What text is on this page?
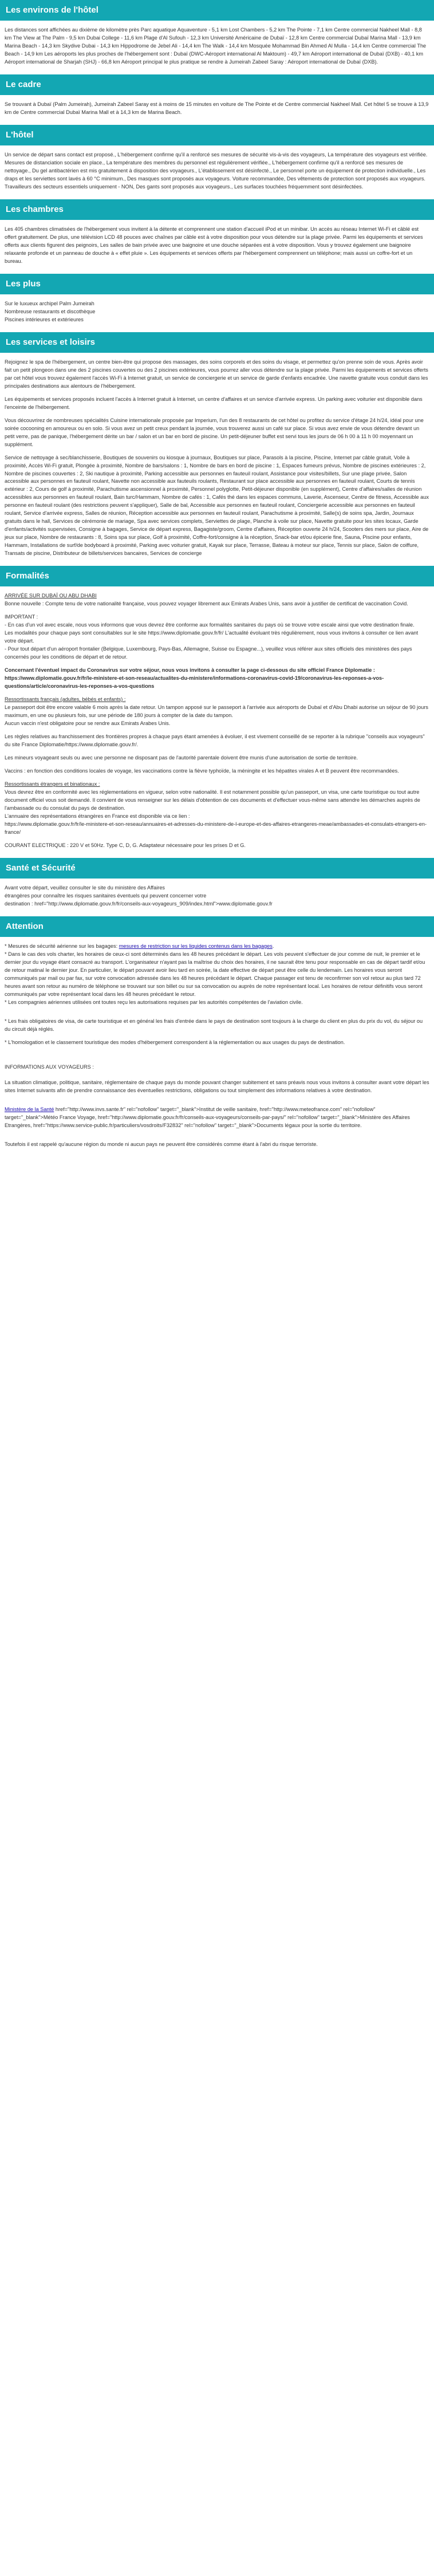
Les environs de l'hôtel

Les distances sont affichées au dixième de kilomètre près Parc aquatique Aquaventure - 5,1 km Lost Chambers - 5,2 km The Pointe - 7,1 km Centre commercial Nakheel Mall - 8,8 km The View at The Palm - 9,5 km Dubai College - 11,6 km Plage d'Al Sufouh - 12,3 km Université Américaine de Dubaï - 12,8 km Centre commercial Dubaï Marina Mall - 13,9 km Marina Beach - 14,3 km Skydive Dubai - 14,3 km Hippodrome de Jebel Ali - 14,4 km The Walk - 14,4 km Mosquée Mohammad Bin Ahmed Al Mulla - 14,4 km Centre commercial The Beach - 14,9 km Les aéroports les plus proches de l'hébergement sont : Dubaï (DWC-Aéroport international Al Maktoum) - 49,7 km Aéroport international de Dubaï (DXB) - 40,1 km Aéroport international de Sharjah (SHJ) - 66,8 km Aéroport principal le plus pratique se rendre à Jumeirah Zabeel Saray : Aéroport international de Dubaï (DXB).

Le cadre

Se trouvant à Dubaï (Palm Jumeirah), Jumeirah Zabeel Saray est à moins de 15 minutes en voiture de The Pointe et de Centre commercial Nakheel Mall. Cet hôtel 5 se trouve à 13,9 km de Centre commercial Dubaï Marina Mall et à 14,3 km de Marina Beach.

L'hôtel

Un service de départ sans contact est proposé., L'hébergement confirme qu'il a renforcé ses mesures de sécurité vis-à-vis des voyageurs, La température des voyageurs est vérifiée. Mesures de distanciation sociale en place., La température des membres du personnel est régulièrement vérifiée., L'hébergement confirme qu'il a renforcé ses mesures de nettoyage., Du gel antibactérien est mis gratuitement à disposition des voyageurs., L'établissement est désinfecté., Le personnel porte un équipement de protection individuelle., Les draps et les serviettes sont lavés à 60 °C minimum., Des masques sont proposés aux voyageurs. Voiture recommandée, Des vêtements de protection sont proposés aux voyageurs. Travailleurs des secteurs essentiels uniquement - NON, Des gants sont proposés aux voyageurs., Les surfaces touchées fréquemment sont désinfectées.

Les chambres

Les 405 chambres climatisées de l'hébergement vous invitent à la détente et comprennent une station d'accueil iPod et un minibar. Un accès au réseau Internet Wi-Fi et câblé est offert gratuitement. De plus, une télévision LCD 48 pouces avec chaînes par câble est à votre disposition pour vous détendre sur la plage privée. Parmi les équipements et services offerts aux clients figurent des peignoirs, Les salles de bain privée avec une baignoire et une douche séparées est à votre disposition. Vous y trouvez également une baignoire relaxante profonde et un panneau de douche à « effet pluie ». Les équipements et services offerts par l'hébergement comprennent un téléphone; mais aussi un coffre-fort et un bureau.

Les plus

Sur le luxueux archipel Palm Jumeirah
Nombreuse restaurants et discothèque
Piscines intérieures et extérieures

Les services et loisirs

Rejoignez le spa de l'hébergement, un centre bien-être qui propose des massages, des soins corporels et des soins du visage, et permettez qu'on prenne soin de vous. Après avoir fait un petit plongeon dans une des 2 piscines couvertes ou des 2 piscines extérieures, vous pourrez aller vous détendre sur la plage privée. Parmi les équipements et services offerts par cet hôtel vous trouvez également l'accès Wi-Fi à Internet gratuit, un service de conciergerie et un service de garde d'enfants encadrée. Une navette gratuite vous conduit dans les principales destinations aux alentours de l'hébergement.

Les équipements et services proposés incluent l'accès à Internet gratuit à Internet, un centre d'affaires et un service d'arrivée express. Un parking avec voiturier est disponible dans l'enceinte de l'hébergement.

Vous découvrirez de nombreuses spécialités Cuisine internationale proposée par Imperium, l'un des 8 restaurants de cet hôtel ou profitez du service d'étage 24 h/24, idéal pour une soirée cocooning en amoureux ou en solo. Si vous avez un petit creux pendant la journée, vous trouverez aussi un café sur place. Si vous avez envie de vous détendre devant un petit verre, pas de panique, l'hébergement dérite un bar / salon et un bar en bord de piscine. Un petit-déjeuner buffet est servi tous les jours de 06 h 00 à 11 h 00 moyennant un supplément.

Service de nettoyage à sec/blanchisserie, Boutiques de souvenirs ou kiosque à journaux, Boutiques sur place, Parasols à la piscine, Piscine, Internet par câble gratuit, Voile à proximité, Accès Wi-Fi gratuit, Plongée à proximité, Nombre de bars/salons : 1, Nombre de bars en bord de piscine : 1, Espaces fumeurs prévus, Nombre de piscines extérieures : 2, Nombre de piscines couvertes : 2, Ski nautique à proximité, Parking accessible aux personnes en fauteuil roulant, Assistance pour visites/billets, Sur une plage privée, Salon accessible aux personnes en fauteuil roulant, Navette non accessible aux fauteuils roulants, Restaurant sur place accessible aux personnes en fauteuil roulant, Courts de tennis extérieur : 2, Cours de golf à proximité, Parachutisme ascensionnel à proximité, Personnel polyglotte, Petit-déjeuner disponible (en supplément), Centre d'affaires/salles de réunion accessibles aux personnes en fauteuil roulant, Bain turc/Hammam, Nombre de cafés : 1, Cafés thé dans les espaces communs, Laverie, Ascenseur, Centre de fitness, Accessible aux personne en fauteuil roulant (des restrictions peuvent s'appliquer), Salle de bal, Accessible aux personnes en fauteuil roulant, Conciergerie accessible aux personnes en fauteuil roulant, Service d'arrivée express, Salles de réunion, Réception accessible aux personnes en fauteuil roulant, Parachutisme à proximité, Salle(s) de soins spa, Jardin, Journaux gratuits dans le hall, Services de cérémonie de mariage, Spa avec services complets, Serviettes de plage, Planche à voile sur place, Navette gratuite pour les sites locaux, Garde d'enfants/activités supervisées, Consigne à bagages, Service de départ express, Bagagiste/groom, Centre d'affaires, Réception ouverte 24 h/24, Scooters des mers sur place, Aire de jeux sur place, Nombre de restaurants : 8, Soins spa sur place, Golf à proximité, Coffre-fort/consigne à la réception, Snack-bar et/ou épicerie fine, Sauna, Piscine pour enfants, Hammam, Installations de surf/de bodyboard à proximité, Parking avec voiturier gratuit, Kayak sur place, Terrasse, Bateau à moteur sur place, Tennis sur place, Salon de coiffure, Transats de piscine, Distributeur de billets/services bancaires, Services de concierge

Formalités

ARRIVÉE SUR DUBAÏ OU ABU DHABI
Bonne nouvelle : Compte tenu de votre nationalité française, vous pouvez voyager librement aux Emirats Arabes Unis, sans avoir à justifier de certificat de vaccination Covid.

IMPORTANT :
- En cas d'un vol avec escale, nous vous informons que vous devrez être conforme aux formalités sanitaires du pays où se trouve votre escale ainsi que votre destination finale.
Les modalités pour chaque pays sont consultables sur le site https://www.diplomatie.gouv.fr/fr/ L'actualité évoluant très régulièrement, nous vous invitons à consulter ce lien avant votre départ.
- Pour tout départ d'un aéroport frontalier (Belgique, Luxembourg, Pays-Bas, Allemagne, Suisse ou Espagne...), veuillez vous référer aux sites officiels des ministères des pays concernés pour les conditions de départ et de retour.

Concernant l'éventuel impact du Coronavirus sur votre séjour, nous vous invitons à consulter la page ci-dessous du site officiel France Diplomatie : https://www.diplomatie.gouv.fr/fr/le-ministere-et-son-reseau/actualites-du-ministere/informations-coronavirus-covid-19/coronavirus-les-reponses-a-vos-questions/article/coronavirus-les-reponses-a-vos-questions

Ressortissants français (adultes, bébés et enfants) :
Le passeport doit être encore valable 6 mois après la date retour. Un tampon apposé sur le passeport à l'arrivée aux aéroports de Dubaï et d'Abu Dhabi autorise un séjour de 90 jours maximum, en une ou plusieurs fois, sur une période de 180 jours à compter de la date du tampon.
Aucun vaccin n'est obligatoire pour se rendre aux Emirats Arabes Unis.

Les règles relatives au franchissement des frontières propres à chaque pays étant amenées à évoluer, il est vivement conseillé de se reporter à la rubrique "conseils aux voyageurs" du site France Diplomatie/https://www.diplomatie.gouv.fr/.

Les mineurs voyageant seuls ou avec une personne ne disposant pas de l'autorité parentale doivent être munis d'une autorisation de sortie de territoire.

Vaccins : en fonction des conditions locales de voyage, les vaccinations contre la fièvre typhoïde, la méningite et les hépatites virales A et B peuvent être recommandées.

Ressortissants étrangers et binationaux :
Vous devrez être en conformité avec les réglementations en vigueur, selon votre nationalité. Il est notamment possible qu'un passeport, un visa, une carte touristique ou tout autre document officiel vous soit demandé. Il convient de vous renseigner sur les délais d'obtention de ces documents et d'effectuer vous-même sans attendre les démarches auprès de l'ambassade ou du consulat du pays de destination.
L'annuaire des représentations étrangères en France est disponible via ce lien :
https://www.diplomatie.gouv.fr/fr/le-ministere-et-son-reseau/annuaires-et-adresses-du-ministere-de-l-europe-et-des-affaires-etrangeres-meae/ambassades-et-consulats-etrangers-en-france/

COURANT ELECTRIQUE : 220 V et 50Hz. Type C, D, G. Adaptateur nécessaire pour les prises D et G.

Santé et Sécurité

Avant votre départ, veuillez consulter le site du ministère des Affaires
étrangères pour connaître les risques sanitaires éventuels qui peuvent concerner votre
destination : href="http://www.diplomatie.gouv.fr/fr/conseils-aux-voyageurs_909/index.html">www.diplomatie.gouv.fr

Attention

* Mesures de sécurité aérienne sur les bagages: mesures de restriction sur les liquides contenus dans les bagages.
* Dans le cas des vols charter, les horaires de ceux-ci sont déterminés dans les 48 heures précédant le départ. Les vols peuvent s'effectuer de jour comme de nuit, le premier et le dernier jour du voyage étant consacré au transport. L'organisateur n'ayant pas la maîtrise du choix des horaires, il ne saurait être tenu pour responsable en cas de départ tardif et/ou de retour matinal le dernier jour. En particulier, le départ pouvant avoir lieu tard en soirée, la date effective de départ peut être celle du lendemain. Les horaires vous seront communiqués par mail ou par fax, sur votre convocation adressée dans les 48 heures précédant le départ. Chaque passager est tenu de reconfirmer son vol retour au plus tard 72 heures avant son retour au numéro de téléphone se trouvant sur son billet ou sur sa convocation ou auprès de notre représentant local. Les horaires de retour définitifs vous seront communiqués par votre représentant local dans les 48 heures précédant le retour.
* Les compagnies aériennes utilisées ont toutes reçu les autorisations requises par les autorités compétentes de l'aviation civile.

* Les frais obligatoires de visa, de carte touristique et en général les frais d'entrée dans le pays de destination sont toujours à la charge du client en plus du prix du vol, du séjour ou du circuit déjà réglés.

* L'homologation et le classement touristique des modes d'hébergement correspondent à la réglementation ou aux usages du pays de destination.

INFORMATIONS AUX VOYAGEURS :

La situation climatique, politique, sanitaire, réglementaire de chaque pays du monde pouvant changer subitement et sans préavis nous vous invitons à consulter avant votre départ les sites Internet suivants afin de prendre connaissance des éventuelles restrictions, obligations ou tout simplement des informations relatives à votre destination.

Ministère de la Santé href="http://www.invs.sante.fr" rel="nofollow" target="_blank">Institut de veille sanitaire, href="http://www.meteofrance.com" rel="nofollow" target="_blank">Météo France Voyage, href="http://www.diplomatie.gouv.fr/fr/conseils-aux-voyageurs/conseils-par-pays/" rel="nofollow" target="_blank">Ministère des Affaires Etrangères, href="https://www.service-public.fr/particuliers/vosdroits/F32832" rel="nofollow" target="_blank">Documents légaux pour la sortie du territoire.

Toutefois il est rappelé qu'aucune région du monde ni aucun pays ne peuvent être considérés comme étant à l'abri du risque terroriste.
